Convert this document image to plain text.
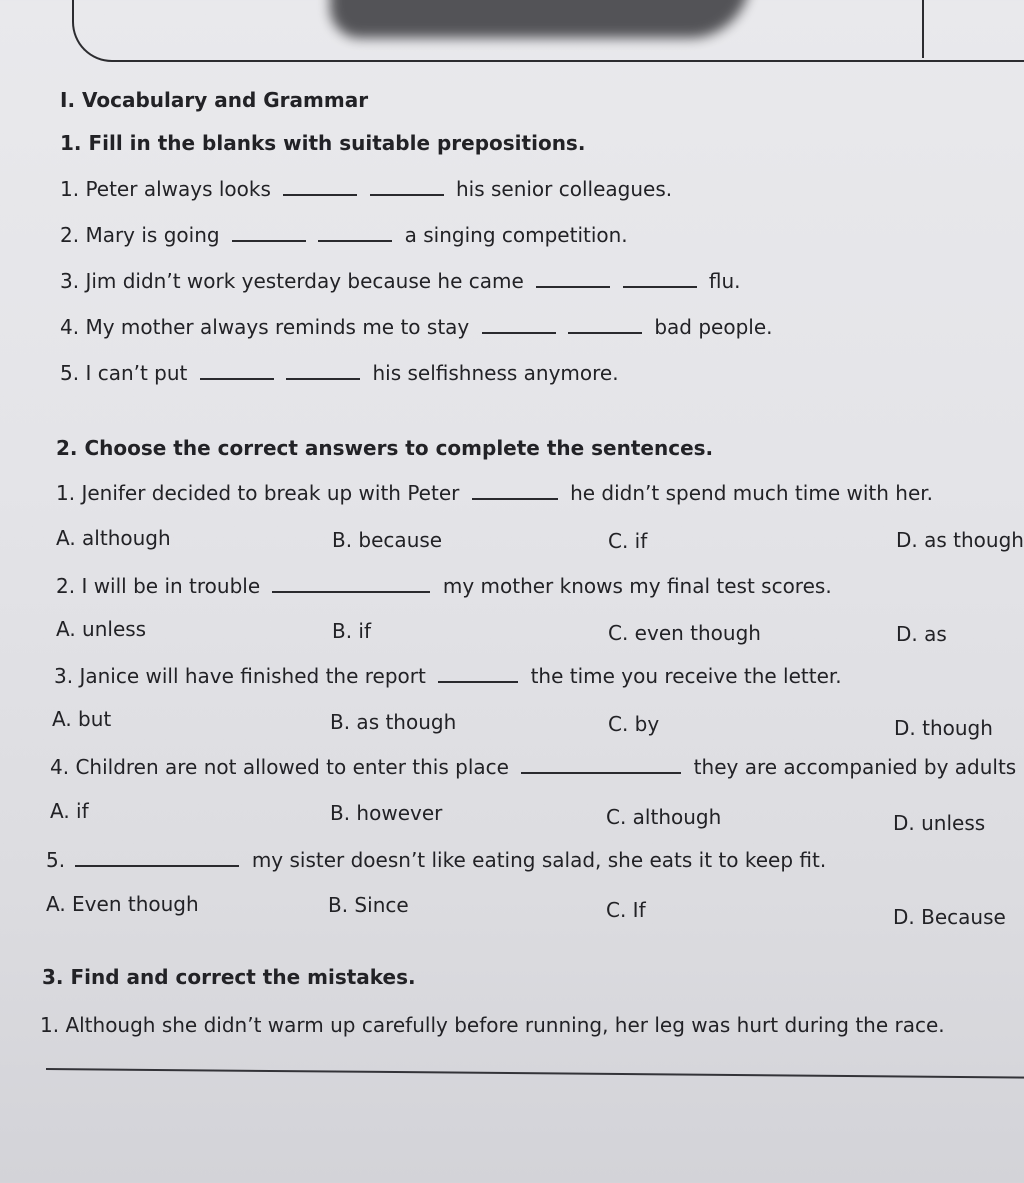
I. Vocabulary and Grammar
1. Fill in the blanks with suitable prepositions.
1. Peter always looks	his senior colleagues.
2. Mary is going	a singing competition.
3. Jim didn’t work yesterday because he came	flu.
4. My mother always reminds me to stay	bad people.
5. I can’t put	his selfishness anymore.
2. Choose the correct answers to complete the sentences.
1. Jenifer decided to break up with Peter	he didn’t spend much time with her.
A. although	B. because	C. if	D. as though
2. I will be in trouble	my mother knows my final test scores.
A. unless	B. if	C. even though	D. as
3. Janice will have finished the report	the time you receive the letter.
A. but	B. as though	C. by	D. though
4. Children are not allowed to enter this place	they are accompanied by adults
A. if	B. however	C. although	D. unless
5.	my sister doesn’t like eating salad, she eats it to keep fit.
A. Even though	B. Since	C. If	D. Because
3. Find and correct the mistakes.
1. Although she didn’t warm up carefully before running, her leg was hurt during the race.
